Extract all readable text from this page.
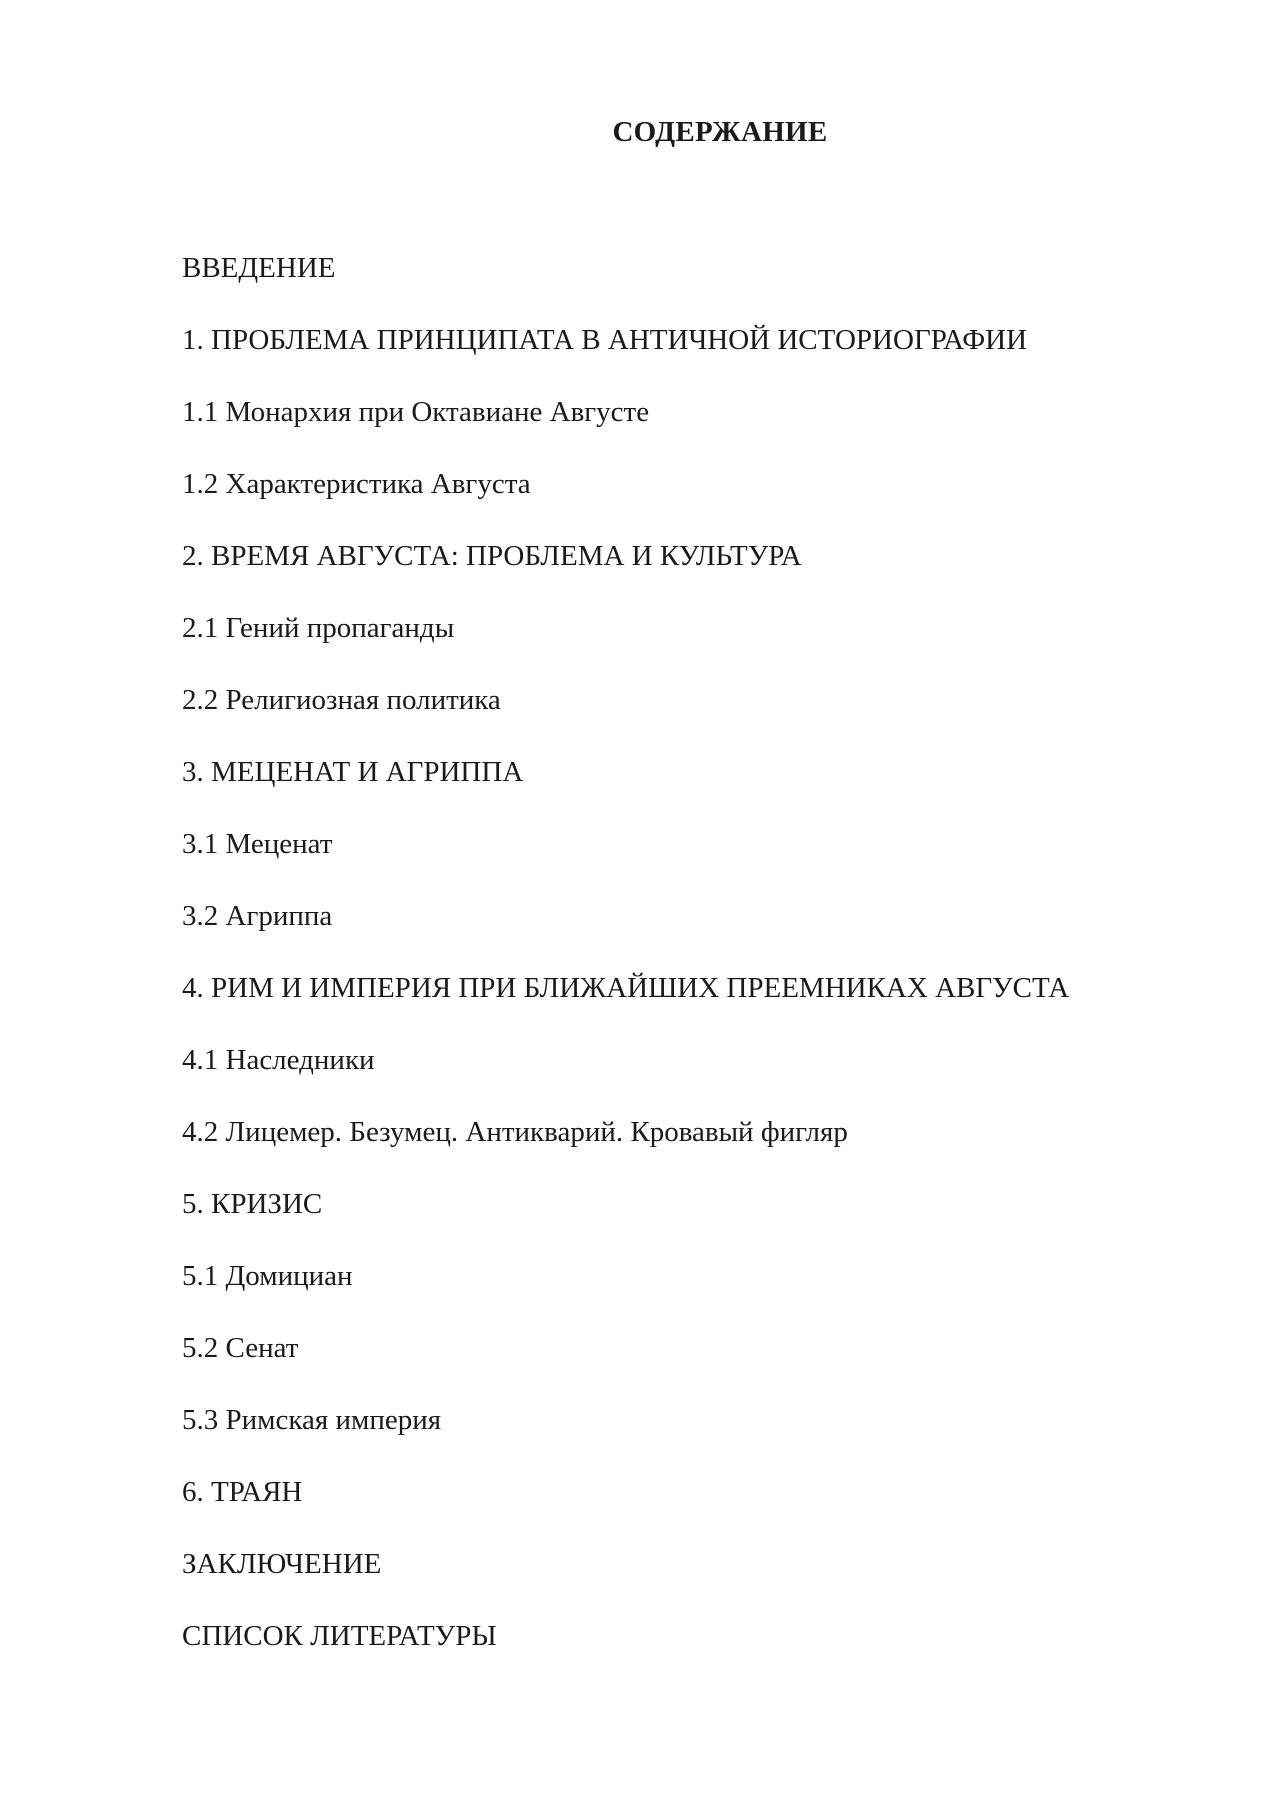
СОДЕРЖАНИЕ
ВВЕДЕНИЕ
1. ПРОБЛЕМА ПРИНЦИПАТА В АНТИЧНОЙ ИСТОРИОГРАФИИ
1.1 Монархия при Октавиане Августе
1.2 Характеристика Августа
2. ВРЕМЯ АВГУСТА: ПРОБЛЕМА И КУЛЬТУРА
2.1 Гений пропаганды
2.2 Религиозная политика
3. МЕЦЕНАТ И АГРИППА
3.1 Меценат
3.2 Агриппа
4. РИМ И ИМПЕРИЯ ПРИ БЛИЖАЙШИХ ПРЕЕМНИКАХ АВГУСТА
4.1 Наследники
4.2 Лицемер. Безумец. Антикварий. Кровавый фигляр
5. КРИЗИС
5.1 Домициан
5.2 Сенат
5.3 Римская империя
6. ТРАЯН
ЗАКЛЮЧЕНИЕ
СПИСОК ЛИТЕРАТУРЫ
